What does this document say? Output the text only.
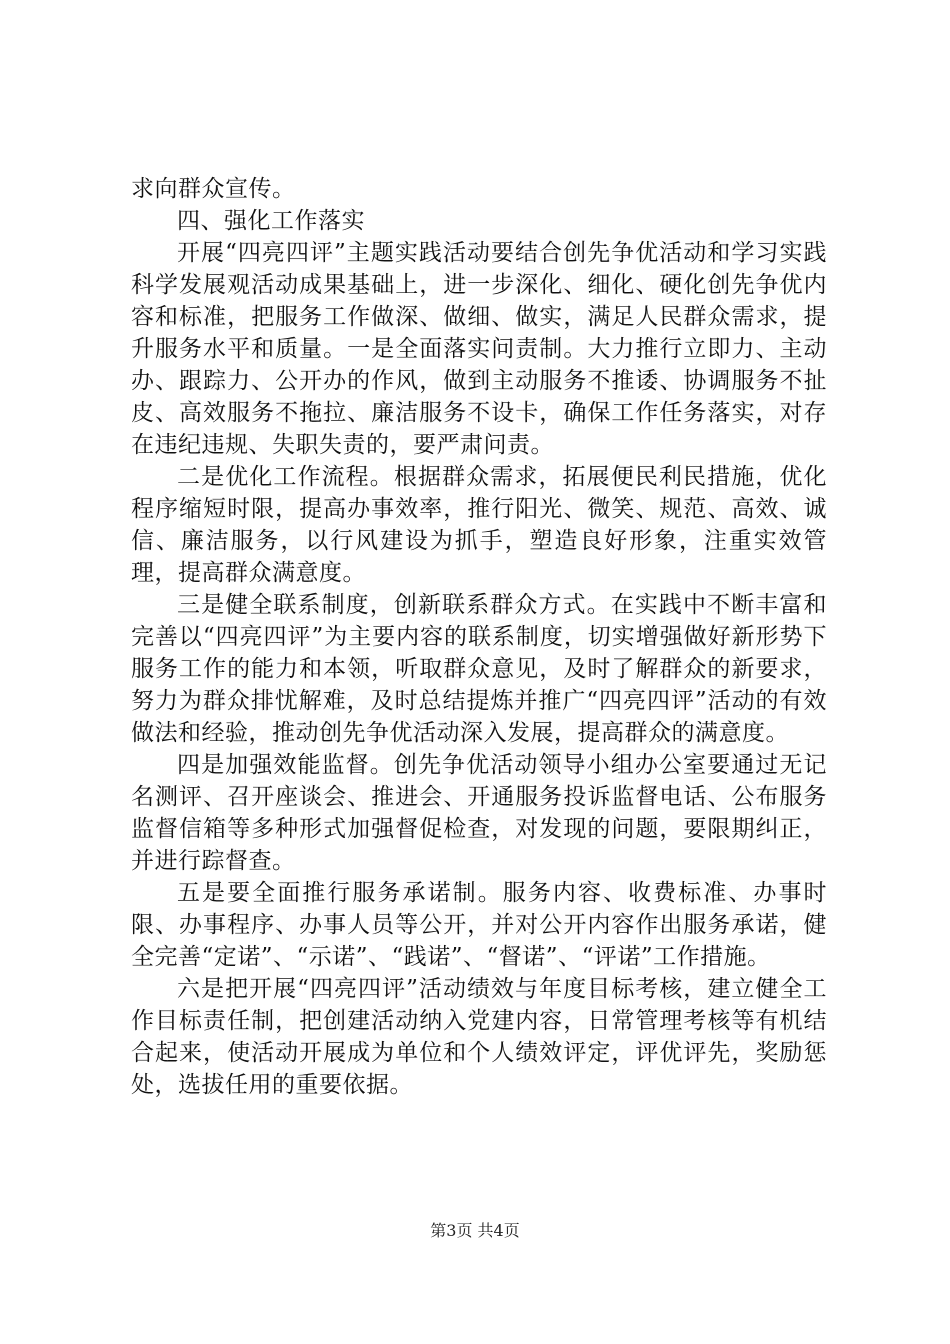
求向群众宣传。

四、强化工作落实

开展“四亮四评”主题实践活动要结合创先争优活动和学习实践科学发展观活动成果基础上，进一步深化、细化、硬化创先争优内容和标准，把服务工作做深、做细、做实，满足人民群众需求，提升服务水平和质量。一是全面落实问责制。大力推行立即力、主动办、跟踪力、公开办的作风，做到主动服务不推诿、协调服务不扯皮、高效服务不拖拉、廉洁服务不设卡，确保工作任务落实，对存在违纪违规、失职失责的，要严肃问责。

二是优化工作流程。根据群众需求，拓展便民利民措施，优化程序缩短时限，提高办事效率，推行阳光、微笑、规范、高效、诚信、廉洁服务，以行风建设为抓手，塑造良好形象，注重实效管理，提高群众满意度。

三是健全联系制度，创新联系群众方式。在实践中不断丰富和完善以“四亮四评”为主要内容的联系制度，切实增强做好新形势下服务工作的能力和本领，听取群众意见，及时了解群众的新要求，努力为群众排忧解难，及时总结提炼并推广“四亮四评”活动的有效做法和经验，推动创先争优活动深入发展，提高群众的满意度。

四是加强效能监督。创先争优活动领导小组办公室要通过无记名测评、召开座谈会、推进会、开通服务投诉监督电话、公布服务监督信箱等多种形式加强督促检查，对发现的问题，要限期纠正，并进行踪督查。

五是要全面推行服务承诺制。服务内容、收费标准、办事时限、办事程序、办事人员等公开，并对公开内容作出服务承诺，健全完善“定诺”、“示诺”、“践诺”、“督诺”、“评诺”工作措施。

六是把开展“四亮四评”活动绩效与年度目标考核，建立健全工作目标责任制，把创建活动纳入党建内容，日常管理考核等有机结合起来，使活动开展成为单位和个人绩效评定，评优评先，奖励惩处，选拔任用的重要依据。

第3页 共4页
